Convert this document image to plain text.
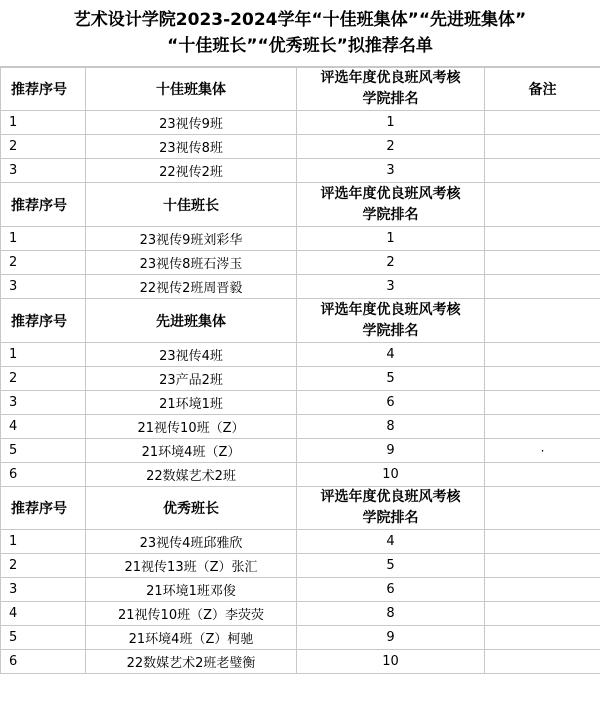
艺术设计学院2023-2024学年“十佳班集体”“先进班集体”
“十佳班长”“优秀班长”拟推荐名单
推荐序号	十佳班集体	评选年度优良班风考核
学院排名	备注
1	23视传9班	1	
2	23视传8班	2	
3	22视传2班	3	
推荐序号	十佳班长	评选年度优良班风考核
学院排名	

1	23视传9班刘彩华	1	
2	23视传8班石涔玉	2	
3	22视传2班周晋毅	3	
推荐序号	先进班集体	评选年度优良班风考核
学院排名	

1	23视传4班	4	
2	23产品2班	5	
3	21环境1班	6	
4	21视传10班（Z）	8	
5	21环境4班（Z）	9	·
6	22数媒艺术2班	10	
推荐序号	优秀班长	评选年度优良班风考核
学院排名	

1	23视传4班邱雅欣	4	
2	21视传13班（Z）张汇	5	
3	21环境1班邓俊	6	
4	21视传10班（Z）李荧荧	8	
5	21环境4班（Z）柯驰	9	
6	22数媒艺术2班老璧衡	10	
